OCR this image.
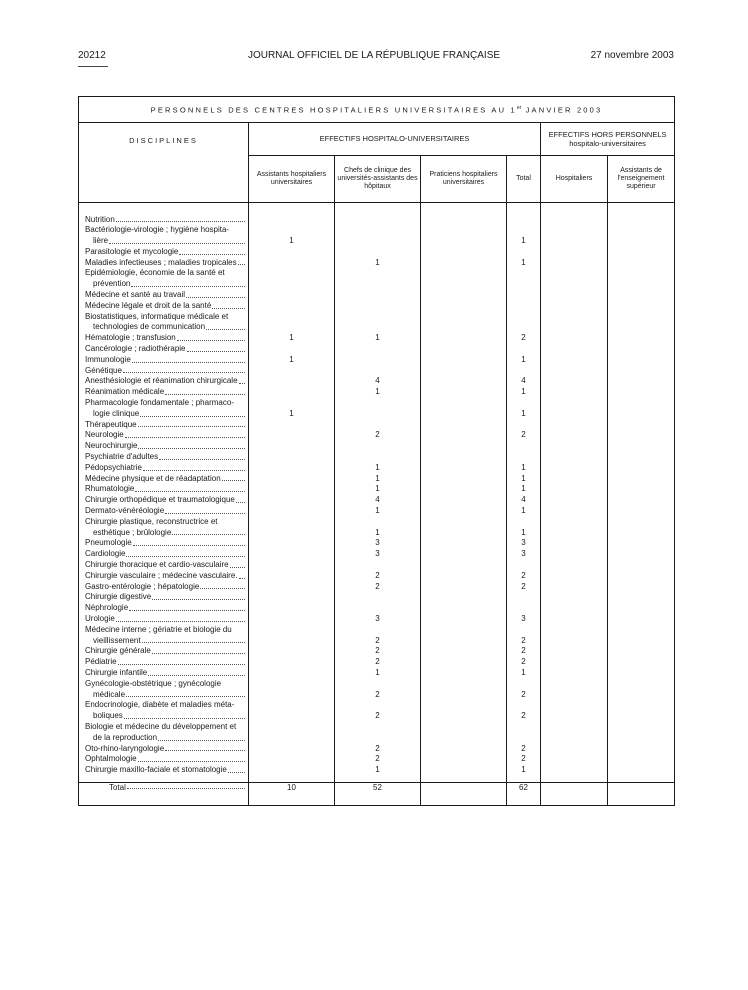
20212	JOURNAL OFFICIEL DE LA RÉPUBLIQUE FRANÇAISE	27 novembre 2003
PERSONNELS DES CENTRES HOSPITALIERS UNIVERSITAIRES AU 1er JANVIER 2003						
DISCIPLINES	EFFECTIFS HOSPITALO-UNIVERSITAIRES				EFFECTIFS HORS PERSONNELS
hospitalo-universitaires	

	Assistants hospitaliers universitaires	Chefs de clinique des universités-assistants des hôpitaux	Praticiens hospitaliers universitaires	Total	Hospitaliers	Assistants de l'enseignement supérieur

Nutrition						

Bactériologie-virologie ; hygiène hospita-
lière	1			1		

Parasitologie et mycologie						

Maladies infectieuses ; maladies tropicales		1		1		

Epidémiologie, économie de la santé et
prévention						

Médecine et santé au travail						

Médecine légale et droit de la santé						

Biostatistiques, informatique médicale et
technologies de communication						

Hématologie ; transfusion	1	1		2		

Cancérologie ; radiothérapie						

Immunologie	1			1		

Génétique						

Anesthésiologie et réanimation chirurgicale		4		4		

Réanimation médicale		1		1		

Pharmacologie fondamentale ; pharmaco-
logie clinique	1			1		

Thérapeutique						

Neurologie		2		2		

Neurochirurgie						

Psychiatrie d'adultes						

Pédopsychiatrie		1		1		

Médecine physique et de réadaptation		1		1		

Rhumatologie		1		1		

Chirurgie orthopédique et traumatologique		4		4		

Dermato-vénéréologie		1		1		

Chirurgie plastique, reconstructrice et
esthétique ; brûlologie		1		1		

Pneumologie		3		3		

Cardiologie		3		3		

Chirurgie thoracique et cardio-vasculaire						

Chirurgie vasculaire ; médecine vasculaire.		2		2		

Gastro-entérologie ; hépatologie		2		2		

Chirurgie digestive						

Néphrologie						

Urologie		3		3		

Médecine interne ; gériatrie et biologie du
vieillissement		2		2		

Chirurgie générale		2		2		

Pédiatrie		2		2		

Chirurgie infantile		1		1		

Gynécologie-obstétrique ; gynécologie
médicale		2		2		

Endocrinologie, diabète et maladies méta-
boliques		2		2		

Biologie et médecine du développement et
de la reproduction						

Oto-rhino-laryngologie		2		2		

Ophtalmologie		2		2		

Chirurgie maxillo-faciale et stomatologie		1		1		

Total	10	52		62		
